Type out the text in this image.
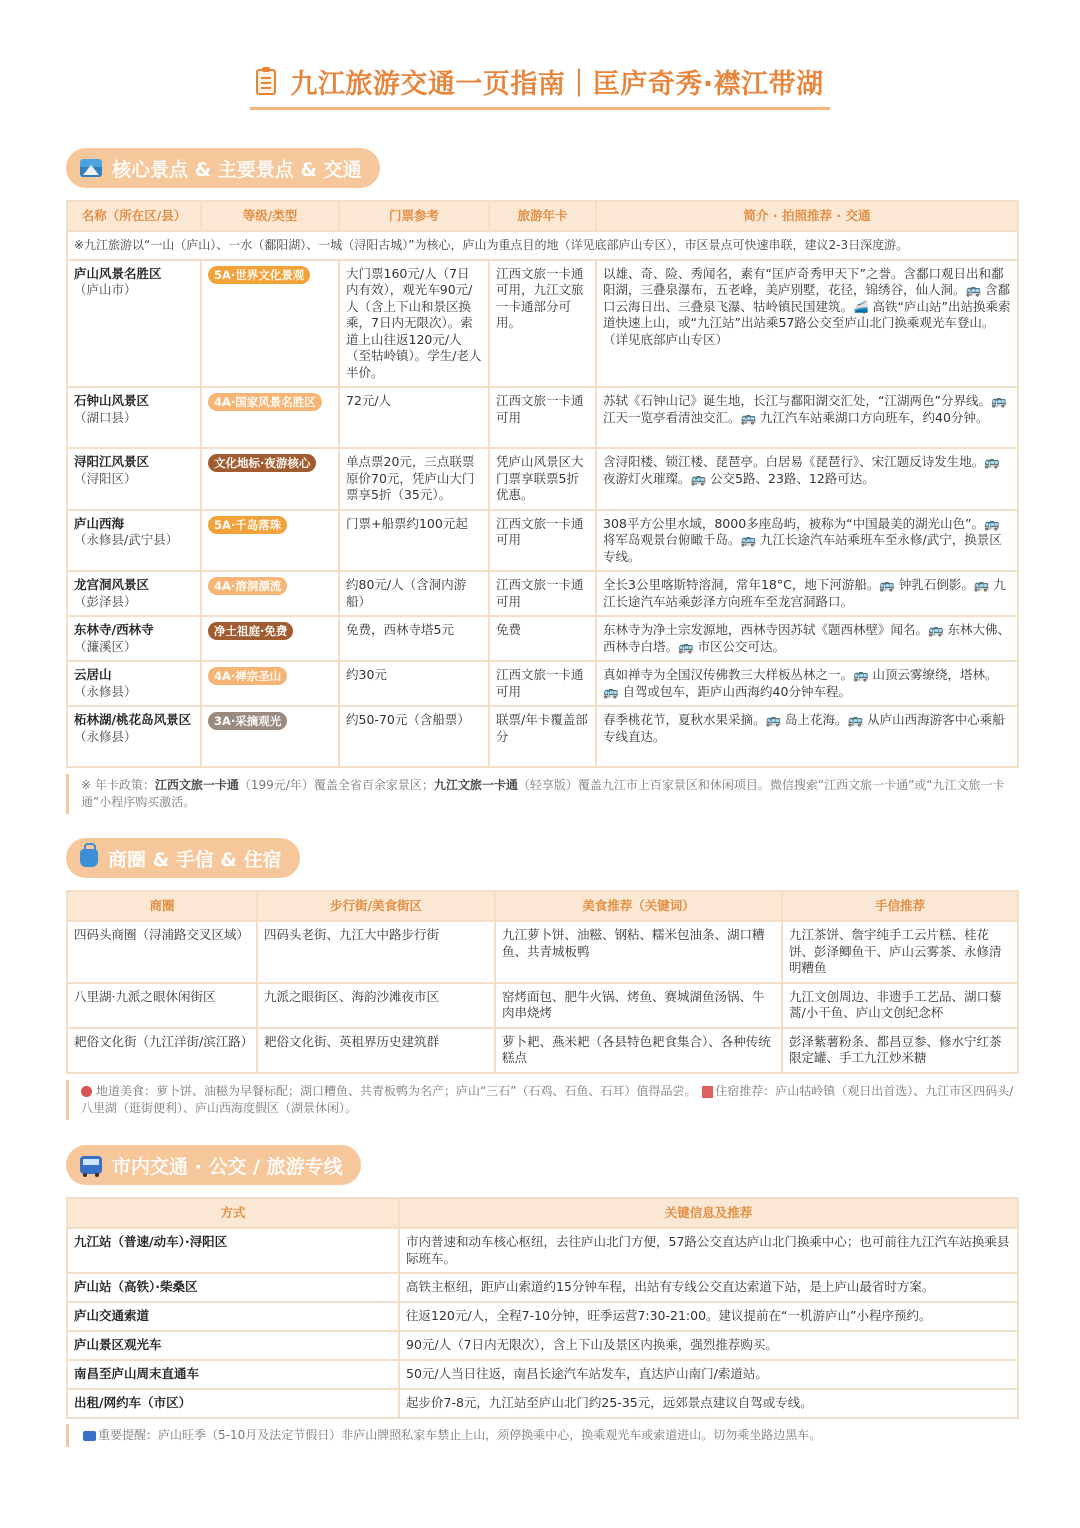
九江旅游交通一页指南｜匡庐奇秀·襟江带湖
核心景点 & 主要景点 & 交通
名称（所在区/县）	等级/类型	门票参考	旅游年卡	简介 · 拍照推荐 · 交通
※九江旅游以“一山（庐山）、一水（鄱阳湖）、一城（浔阳古城）”为核心，庐山为重点目的地（详见底部庐山专区），市区景点可快速串联，建议2-3日深度游。				
庐山风景名胜区
（庐山市）	5A·世界文化景观	大门票160元/人（7日内有效），观光车90元/人（含上下山和景区换乘，7日内无限次）。索道上山往返120元/人（至牯岭镇）。学生/老人半价。	江西文旅一卡通可用，九江文旅一卡通部分可用。	以雄、奇、险、秀闻名，素有“匡庐奇秀甲天下”之誉。含鄱口观日出和鄱阳湖，三叠泉瀑布，五老峰，美庐别墅，花径，锦绣谷，仙人洞。🚌 含鄱口云海日出、三叠泉飞瀑、牯岭镇民国建筑。🚄 高铁“庐山站”出站换乘索道快速上山，或“九江站”出站乘57路公交至庐山北门换乘观光车登山。（详见底部庐山专区）
石钟山风景区
（湖口县）	4A·国家风景名胜区	72元/人	江西文旅一卡通可用	苏轼《石钟山记》诞生地，长江与鄱阳湖交汇处，“江湖两色”分界线。🚌 江天一览亭看清浊交汇。🚌 九江汽车站乘湖口方向班车，约40分钟。
浔阳江风景区
（浔阳区）	文化地标·夜游核心	单点票20元，三点联票原价70元，凭庐山大门票享5折（35元）。	凭庐山风景区大门票享联票5折优惠。	含浔阳楼、锁江楼、琵琶亭。白居易《琵琶行》、宋江题反诗发生地。🚌 夜游灯火璀璨。🚌 公交5路、23路、12路可达。
庐山西海
（永修县/武宁县）	5A·千岛落珠	门票+船票约100元起	江西文旅一卡通可用	308平方公里水域，8000多座岛屿，被称为“中国最美的湖光山色”。🚌 将军岛观景台俯瞰千岛。🚌 九江长途汽车站乘班车至永修/武宁，换景区专线。
龙宫洞风景区
（彭泽县）	4A·溶洞漂流	约80元/人（含洞内游船）	江西文旅一卡通可用	全长3公里喀斯特溶洞，常年18°C，地下河游船。🚌 钟乳石倒影。🚌 九江长途汽车站乘彭泽方向班车至龙宫洞路口。
东林寺/西林寺
（濂溪区）	净土祖庭·免费	免费，西林寺塔5元	免费	东林寺为净土宗发源地，西林寺因苏轼《题西林壁》闻名。🚌 东林大佛、西林寺白塔。🚌 市区公交可达。
云居山
（永修县）	4A·禅宗圣山	约30元	江西文旅一卡通可用	真如禅寺为全国汉传佛教三大样板丛林之一。🚌 山顶云雾缭绕，塔林。🚌 自驾或包车，距庐山西海约40分钟车程。
柘林湖/桃花岛风景区
（永修县）	3A·采摘观光	约50-70元（含船票）	联票/年卡覆盖部分	春季桃花节，夏秋水果采摘。🚌 岛上花海。🚌 从庐山西海游客中心乘船专线直达。
※ 年卡政策：江西文旅一卡通（199元/年）覆盖全省百余家景区；九江文旅一卡通（轻享版）覆盖九江市上百家景区和休闲项目。微信搜索“江西文旅一卡通”或“九江文旅一卡通”小程序购买激活。
商圈 & 手信 & 住宿
商圈	步行街/美食街区	美食推荐（关键词）	手信推荐
四码头商圈（浔浦路交叉区域）	四码头老街、九江大中路步行街	九江萝卜饼、油糍、钢粘、糯米包油条、湖口糟鱼、共青城板鸭	九江茶饼、詹宇纯手工云片糕、桂花饼、彭泽鲫鱼干、庐山云雾茶、永修清明糟鱼
八里湖·九派之眼休闲街区	九派之眼街区、海韵沙滩夜市区	窑烤面包、肥牛火锅、烤鱼、赛城湖鱼汤锅、牛肉串烧烤	九江文创周边、非遗手工艺品、湖口藜蒿/小干鱼、庐山文创纪念杯
耙俗文化街（九江洋街/滨江路）	耙俗文化街、英租界历史建筑群	萝卜耙、燕米耙（各县特色耙食集合）、各种传统糕点	彭泽紫薯粉条、都昌豆参、修水宁红茶限定罐、手工九江炒米糖
地道美食：萝卜饼、油糍为早餐标配；湖口糟鱼、共青板鸭为名产；庐山“三石”（石鸡、石鱼、石耳）值得品尝。 住宿推荐：庐山牯岭镇（观日出首选）、九江市区四码头/八里湖（逛街便利）、庐山西海度假区（湖景休闲）。
市内交通 · 公交 / 旅游专线
方式	关键信息及推荐
九江站（普速/动车）·浔阳区	市内普速和动车核心枢纽，去往庐山北门方便，57路公交直达庐山北门换乘中心；也可前往九江汽车站换乘县际班车。
庐山站（高铁）·柴桑区	高铁主枢纽，距庐山索道约15分钟车程，出站有专线公交直达索道下站，是上庐山最省时方案。
庐山交通索道	往返120元/人，全程7-10分钟，旺季运营7:30-21:00。建议提前在“一机游庐山”小程序预约。
庐山景区观光车	90元/人（7日内无限次），含上下山及景区内换乘，强烈推荐购买。
南昌至庐山周末直通车	50元/人当日往返，南昌长途汽车站发车，直达庐山南门/索道站。
出租/网约车（市区）	起步价7-8元，九江站至庐山北门约25-35元，远郊景点建议自驾或专线。
重要提醒：庐山旺季（5-10月及法定节假日）非庐山牌照私家车禁止上山，须停换乘中心，换乘观光车或索道进山。切勿乘坐路边黑车。
